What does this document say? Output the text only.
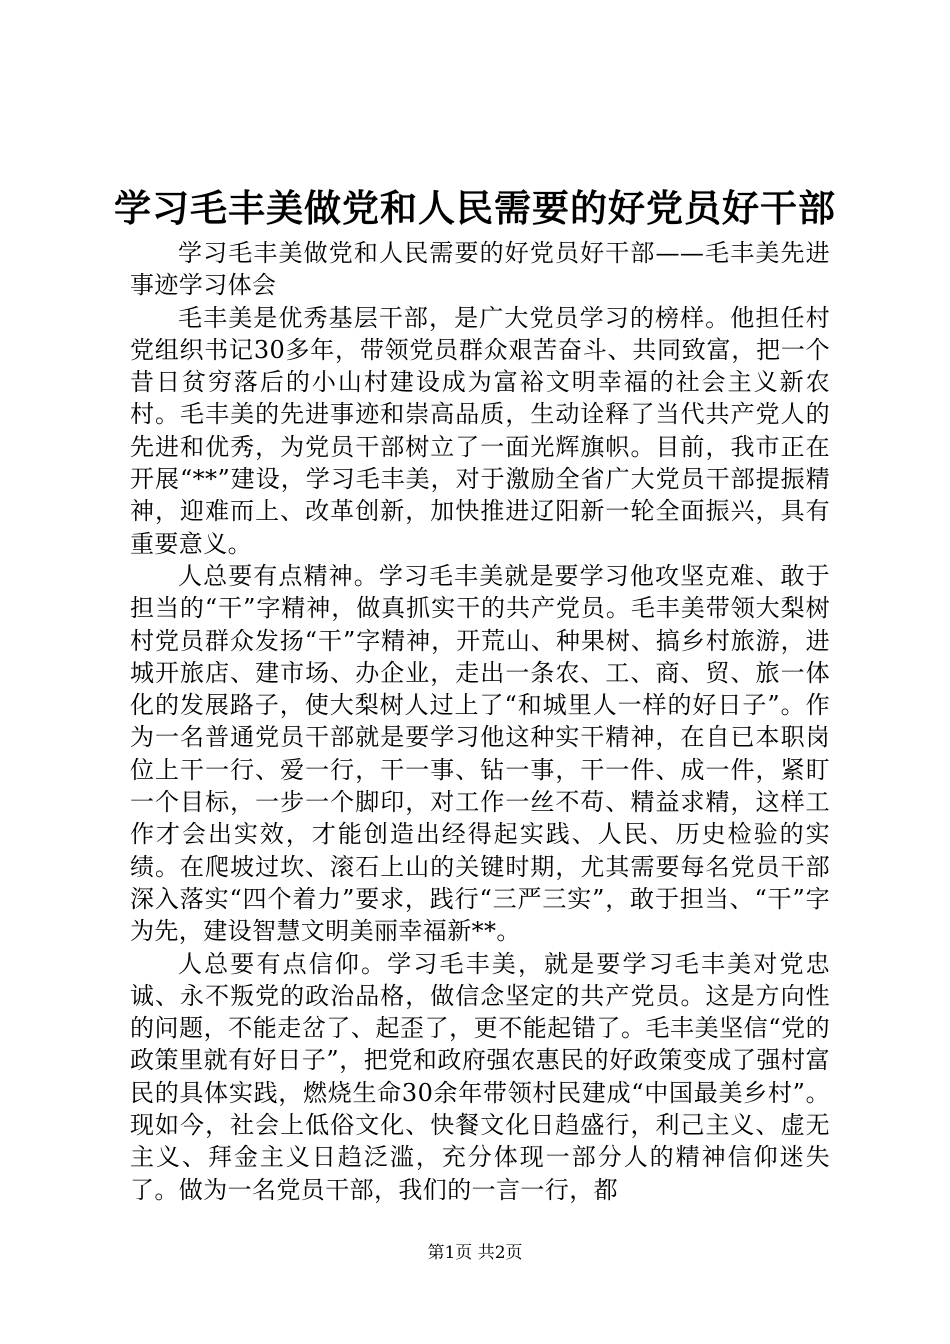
学习毛丰美做党和人民需要的好党员好干部

学习毛丰美做党和人民需要的好党员好干部——毛丰美先进事迹学习体会

毛丰美是优秀基层干部，是广大党员学习的榜样。他担任村党组织书记30多年，带领党员群众艰苦奋斗、共同致富，把一个昔日贫穷落后的小山村建设成为富裕文明幸福的社会主义新农村。毛丰美的先进事迹和崇高品质，生动诠释了当代共产党人的先进和优秀，为党员干部树立了一面光辉旗帜。目前，我市正在开展“**”建设，学习毛丰美，对于激励全省广大党员干部提振精神，迎难而上、改革创新，加快推进辽阳新一轮全面振兴，具有重要意义。

人总要有点精神。学习毛丰美就是要学习他攻坚克难、敢于担当的“干”字精神，做真抓实干的共产党员。毛丰美带领大梨树村党员群众发扬“干”字精神，开荒山、种果树、搞乡村旅游，进城开旅店、建市场、办企业，走出一条农、工、商、贸、旅一体化的发展路子，使大梨树人过上了“和城里人一样的好日子”。作为一名普通党员干部就是要学习他这种实干精神，在自已本职岗位上干一行、爱一行，干一事、钻一事，干一件、成一件，紧盯一个目标，一步一个脚印，对工作一丝不苟、精益求精，这样工作才会出实效，才能创造出经得起实践、人民、历史检验的实绩。在爬坡过坎、滚石上山的关键时期，尤其需要每名党员干部深入落实“四个着力”要求，践行“三严三实”，敢于担当、“干”字为先，建设智慧文明美丽幸福新**。

人总要有点信仰。学习毛丰美，就是要学习毛丰美对党忠诚、永不叛党的政治品格，做信念坚定的共产党员。这是方向性的问题，不能走岔了、起歪了，更不能起错了。毛丰美坚信“党的政策里就有好日子”，把党和政府强农惠民的好政策变成了强村富民的具体实践，燃烧生命30余年带领村民建成“中国最美乡村”。现如今，社会上低俗文化、快餐文化日趋盛行，利己主义、虚无主义、拜金主义日趋泛滥，充分体现一部分人的精神信仰迷失了。做为一名党员干部，我们的一言一行，都

第1页 共2页
